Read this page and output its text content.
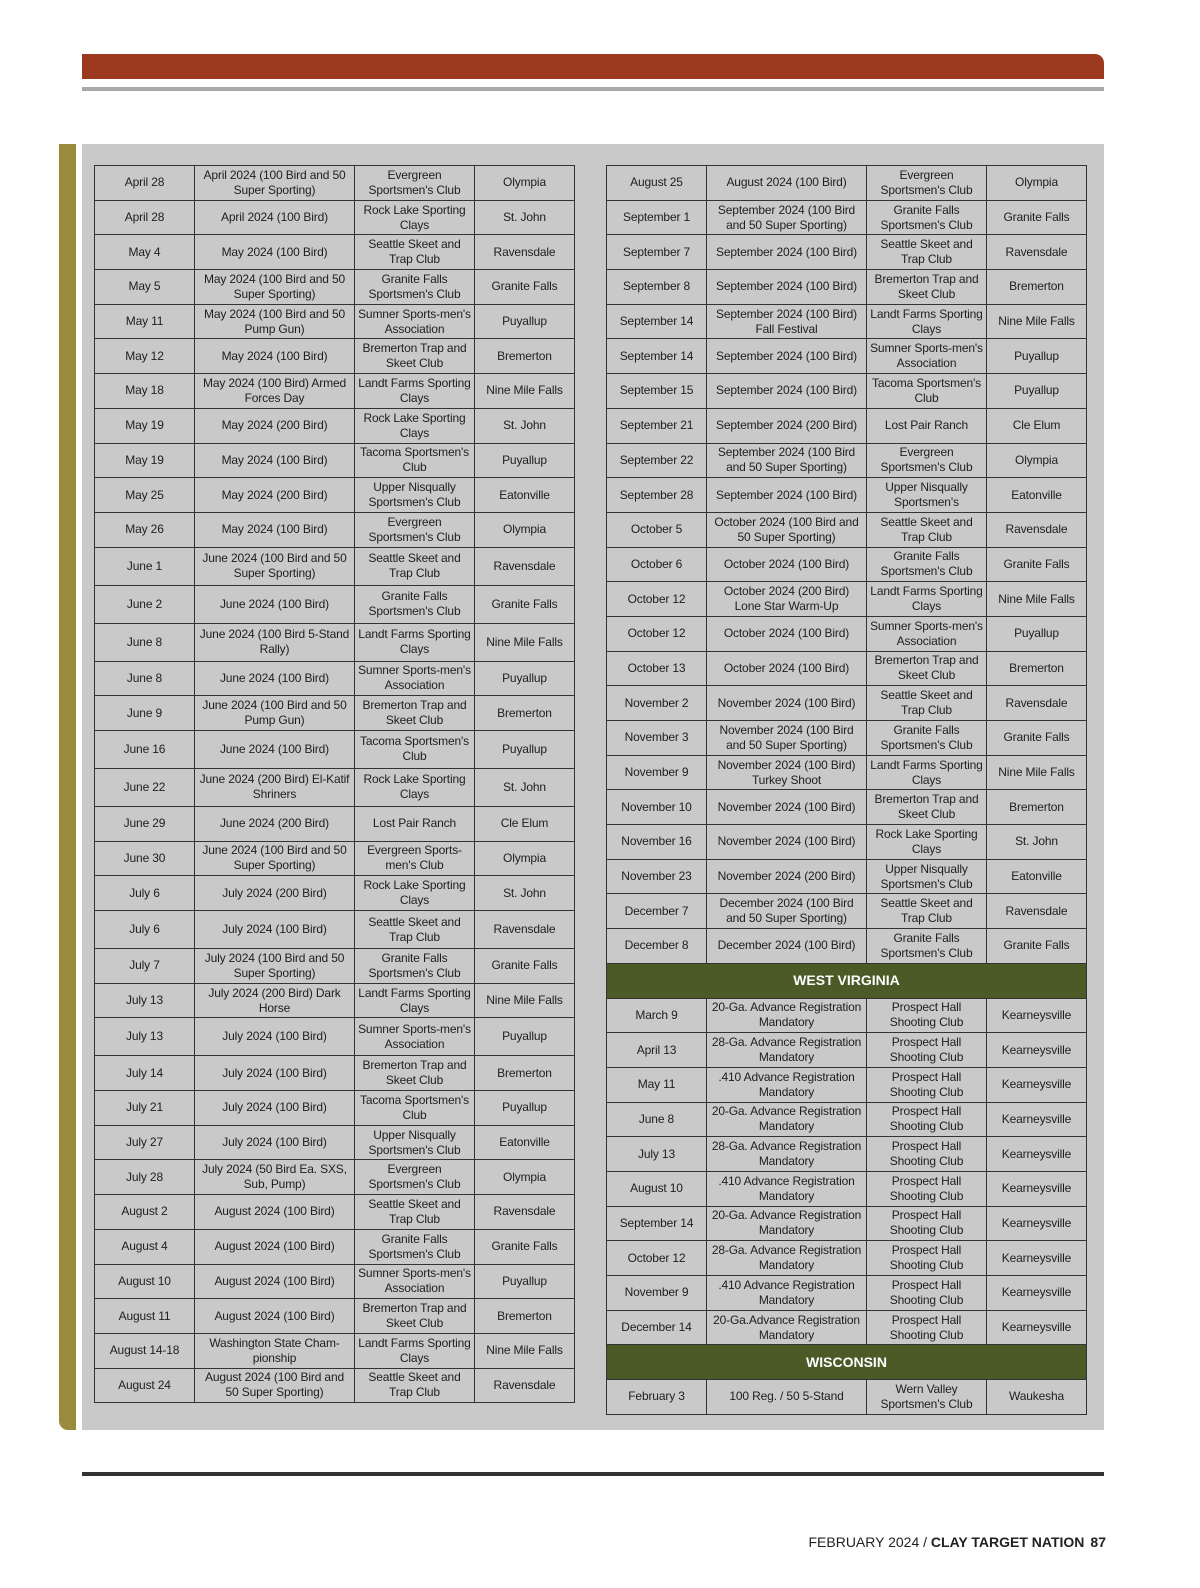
April 28	April 2024 (100 Bird and 50 Super Sporting)	Evergreen Sportsmen's Club	Olympia
April 28	April 2024 (100 Bird)	Rock Lake Sporting Clays	St. John
May 4	May 2024 (100 Bird)	Seattle Skeet and Trap Club	Ravensdale
May 5	May 2024 (100 Bird and 50 Super Sporting)	Granite Falls Sportsmen's Club	Granite Falls
May 11	May 2024 (100 Bird and 50 Pump Gun)	Sumner Sports-men's Association	Puyallup
May 12	May 2024 (100 Bird)	Bremerton Trap and Skeet Club	Bremerton
May 18	May 2024 (100 Bird) Armed Forces Day	Landt Farms Sporting Clays	Nine Mile Falls
May 19	May 2024 (200 Bird)	Rock Lake Sporting Clays	St. John
May 19	May 2024 (100 Bird)	Tacoma Sportsmen's Club	Puyallup
May 25	May 2024 (200 Bird)	Upper Nisqually Sportsmen's Club	Eatonville
May 26	May 2024 (100 Bird)	Evergreen Sportsmen's Club	Olympia
June 1	June 2024 (100 Bird and 50 Super Sporting)	Seattle Skeet and Trap Club	Ravensdale
June 2	June 2024 (100 Bird)	Granite Falls Sportsmen's Club	Granite Falls
June 8	June 2024 (100 Bird 5-Stand Rally)	Landt Farms Sporting Clays	Nine Mile Falls
June 8	June 2024 (100 Bird)	Sumner Sports-men's Association	Puyallup
June 9	June 2024 (100 Bird and 50 Pump Gun)	Bremerton Trap and Skeet Club	Bremerton
June 16	June 2024 (100 Bird)	Tacoma Sportsmen's Club	Puyallup
June 22	June 2024 (200 Bird) El-Katif Shriners	Rock Lake Sporting Clays	St. John
June 29	June 2024 (200 Bird)	Lost Pair Ranch	Cle Elum
June 30	June 2024 (100 Bird and 50 Super Sporting)	Evergreen Sports-men's Club	Olympia
July 6	July 2024 (200 Bird)	Rock Lake Sporting Clays	St. John
July 6	July 2024 (100 Bird)	Seattle Skeet and Trap Club	Ravensdale
July 7	July 2024 (100 Bird and 50 Super Sporting)	Granite Falls Sportsmen's Club	Granite Falls
July 13	July 2024 (200 Bird) Dark Horse	Landt Farms Sporting Clays	Nine Mile Falls
July 13	July 2024 (100 Bird)	Sumner Sports-men's Association	Puyallup
July 14	July 2024 (100 Bird)	Bremerton Trap and Skeet Club	Bremerton
July 21	July 2024 (100 Bird)	Tacoma Sportsmen's Club	Puyallup
July 27	July 2024 (100 Bird)	Upper Nisqually Sportsmen's Club	Eatonville
July 28	July 2024 (50 Bird Ea. SXS, Sub, Pump)	Evergreen Sportsmen's Club	Olympia
August 2	August 2024 (100 Bird)	Seattle Skeet and Trap Club	Ravensdale
August 4	August 2024 (100 Bird)	Granite Falls Sportsmen's Club	Granite Falls
August 10	August 2024 (100 Bird)	Sumner Sports-men's Association	Puyallup
August 11	August 2024 (100 Bird)	Bremerton Trap and Skeet Club	Bremerton
August 14-18	Washington State Cham-pionship	Landt Farms Sporting Clays	Nine Mile Falls
August 24	August 2024 (100 Bird and 50 Super Sporting)	Seattle Skeet and Trap Club	Ravensdale
August 25	August 2024 (100 Bird)	Evergreen Sportsmen's Club	Olympia
September 1	September 2024 (100 Bird and 50 Super Sporting)	Granite Falls Sportsmen's Club	Granite Falls
September 7	September 2024 (100 Bird)	Seattle Skeet and Trap Club	Ravensdale
September 8	September 2024 (100 Bird)	Bremerton Trap and Skeet Club	Bremerton
September 14	September 2024 (100 Bird) Fall Festival	Landt Farms Sporting Clays	Nine Mile Falls
September 14	September 2024 (100 Bird)	Sumner Sports-men's Association	Puyallup
September 15	September 2024 (100 Bird)	Tacoma Sportsmen's Club	Puyallup
September 21	September 2024 (200 Bird)	Lost Pair Ranch	Cle Elum
September 22	September 2024 (100 Bird and 50 Super Sporting)	Evergreen Sportsmen's Club	Olympia
September 28	September 2024 (100 Bird)	Upper Nisqually Sportsmen's	Eatonville
October 5	October 2024 (100 Bird and 50 Super Sporting)	Seattle Skeet and Trap Club	Ravensdale
October 6	October 2024 (100 Bird)	Granite Falls Sportsmen's Club	Granite Falls
October 12	October 2024 (200 Bird) Lone Star Warm-Up	Landt Farms Sporting Clays	Nine Mile Falls
October 12	October 2024 (100 Bird)	Sumner Sports-men's Association	Puyallup
October 13	October 2024 (100 Bird)	Bremerton Trap and Skeet Club	Bremerton
November 2	November 2024 (100 Bird)	Seattle Skeet and Trap Club	Ravensdale
November 3	November 2024 (100 Bird and 50 Super Sporting)	Granite Falls Sportsmen's Club	Granite Falls
November 9	November 2024 (100 Bird) Turkey Shoot	Landt Farms Sporting Clays	Nine Mile Falls
November 10	November 2024 (100 Bird)	Bremerton Trap and Skeet Club	Bremerton
November 16	November 2024 (100 Bird)	Rock Lake Sporting Clays	St. John
November 23	November 2024 (200 Bird)	Upper Nisqually Sportsmen's Club	Eatonville
December 7	December 2024 (100 Bird and 50 Super Sporting)	Seattle Skeet and Trap Club	Ravensdale
December 8	December 2024 (100 Bird)	Granite Falls Sportsmen's Club	Granite Falls
WEST VIRGINIA			
March 9	20-Ga. Advance Registration Mandatory	Prospect Hall Shooting Club	Kearneysville
April 13	28-Ga. Advance Registration Mandatory	Prospect Hall Shooting Club	Kearneysville
May 11	.410 Advance Registration Mandatory	Prospect Hall Shooting Club	Kearneysville
June 8	20-Ga. Advance Registration Mandatory	Prospect Hall Shooting Club	Kearneysville
July 13	28-Ga. Advance Registration Mandatory	Prospect Hall Shooting Club	Kearneysville
August 10	.410 Advance Registration Mandatory	Prospect Hall Shooting Club	Kearneysville
September 14	20-Ga. Advance Registration Mandatory	Prospect Hall Shooting Club	Kearneysville
October 12	28-Ga. Advance Registration Mandatory	Prospect Hall Shooting Club	Kearneysville
November 9	.410 Advance Registration Mandatory	Prospect Hall Shooting Club	Kearneysville
December 14	20-Ga.Advance Registration Mandatory	Prospect Hall Shooting Club	Kearneysville
WISCONSIN			
February 3	100 Reg. / 50 5-Stand	Wern Valley Sportsmen's Club	Waukesha
FEBRUARY 2024 / CLAY TARGET NATION 87
